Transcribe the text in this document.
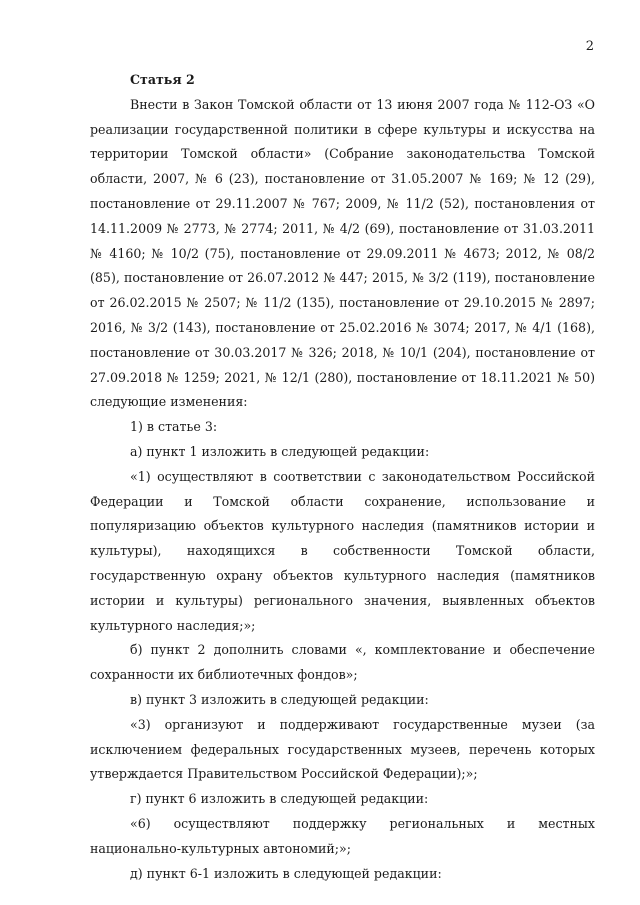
2

Статья 2

Внести в Закон Томской области от 13 июня 2007 года № 112-ОЗ «О реализации государственной политики в сфере культуры и искусства на территории Томской области» (Собрание законодательства Томской области, 2007, № 6 (23), постановление от 31.05.2007 № 169; № 12 (29), постановление от 29.11.2007 № 767; 2009, № 11/2 (52), постановления от 14.11.2009 № 2773, № 2774; 2011, № 4/2 (69), постановление от 31.03.2011 № 4160; № 10/2 (75), постановление от 29.09.2011 № 4673; 2012, № 08/2 (85), постановление от 26.07.2012 № 447; 2015, № 3/2 (119), постановление от 26.02.2015 № 2507; № 11/2 (135), постановление от 29.10.2015 № 2897; 2016, № 3/2 (143), постановление от 25.02.2016 № 3074; 2017, № 4/1 (168), постановление от 30.03.2017 № 326; 2018, № 10/1 (204), постановление от 27.09.2018 № 1259; 2021, № 12/1 (280), постановление от 18.11.2021 № 50) следующие изменения:

1) в статье 3:

а) пункт 1 изложить в следующей редакции:

«1) осуществляют в соответствии с законодательством Российской Федерации и Томской области сохранение, использование и популяризацию объектов культурного наследия (памятников истории и культуры), находящихся в собственности Томской области, государственную охрану объектов культурного наследия (памятников истории и культуры) регионального значения, выявленных объектов культурного наследия;»;

б) пункт 2 дополнить словами «, комплектование и обеспечение сохранности их библиотечных фондов»;

в) пункт 3 изложить в следующей редакции:

«3) организуют и поддерживают государственные музеи (за исключением федеральных государственных музеев, перечень которых утверждается Правительством Российской Федерации);»;

г) пункт 6 изложить в следующей редакции:

«6) осуществляют поддержку региональных и местных национально-культурных автономий;»;

д) пункт 6-1 изложить в следующей редакции:
